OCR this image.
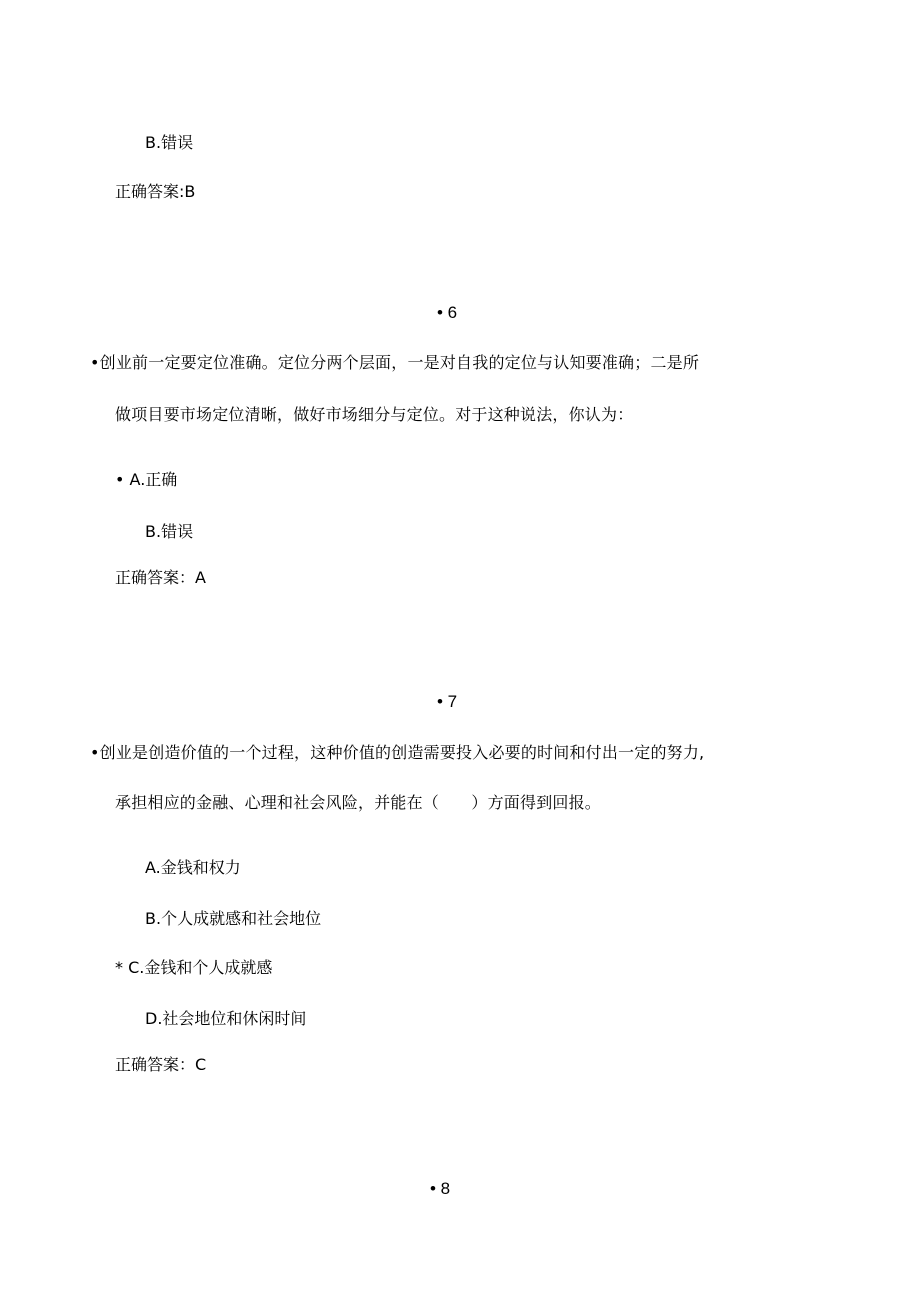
B.错误
正确答案:B
• 6
•创业前一定要定位准确。定位分两个层面，一是对自我的定位与认知要准确；二是所
做项目要市场定位清晰，做好市场细分与定位。对于这种说法，你认为：
• A.正确
B.错误
正确答案：A
• 7
•创业是创造价值的一个过程，这种价值的创造需要投入必要的时间和付出一定的努力,
承担相应的金融、心理和社会风险，并能在（　　）方面得到回报。
A.金钱和权力
B.个人成就感和社会地位
* C.金钱和个人成就感
D.社会地位和休闲时间
正确答案：C
• 8
